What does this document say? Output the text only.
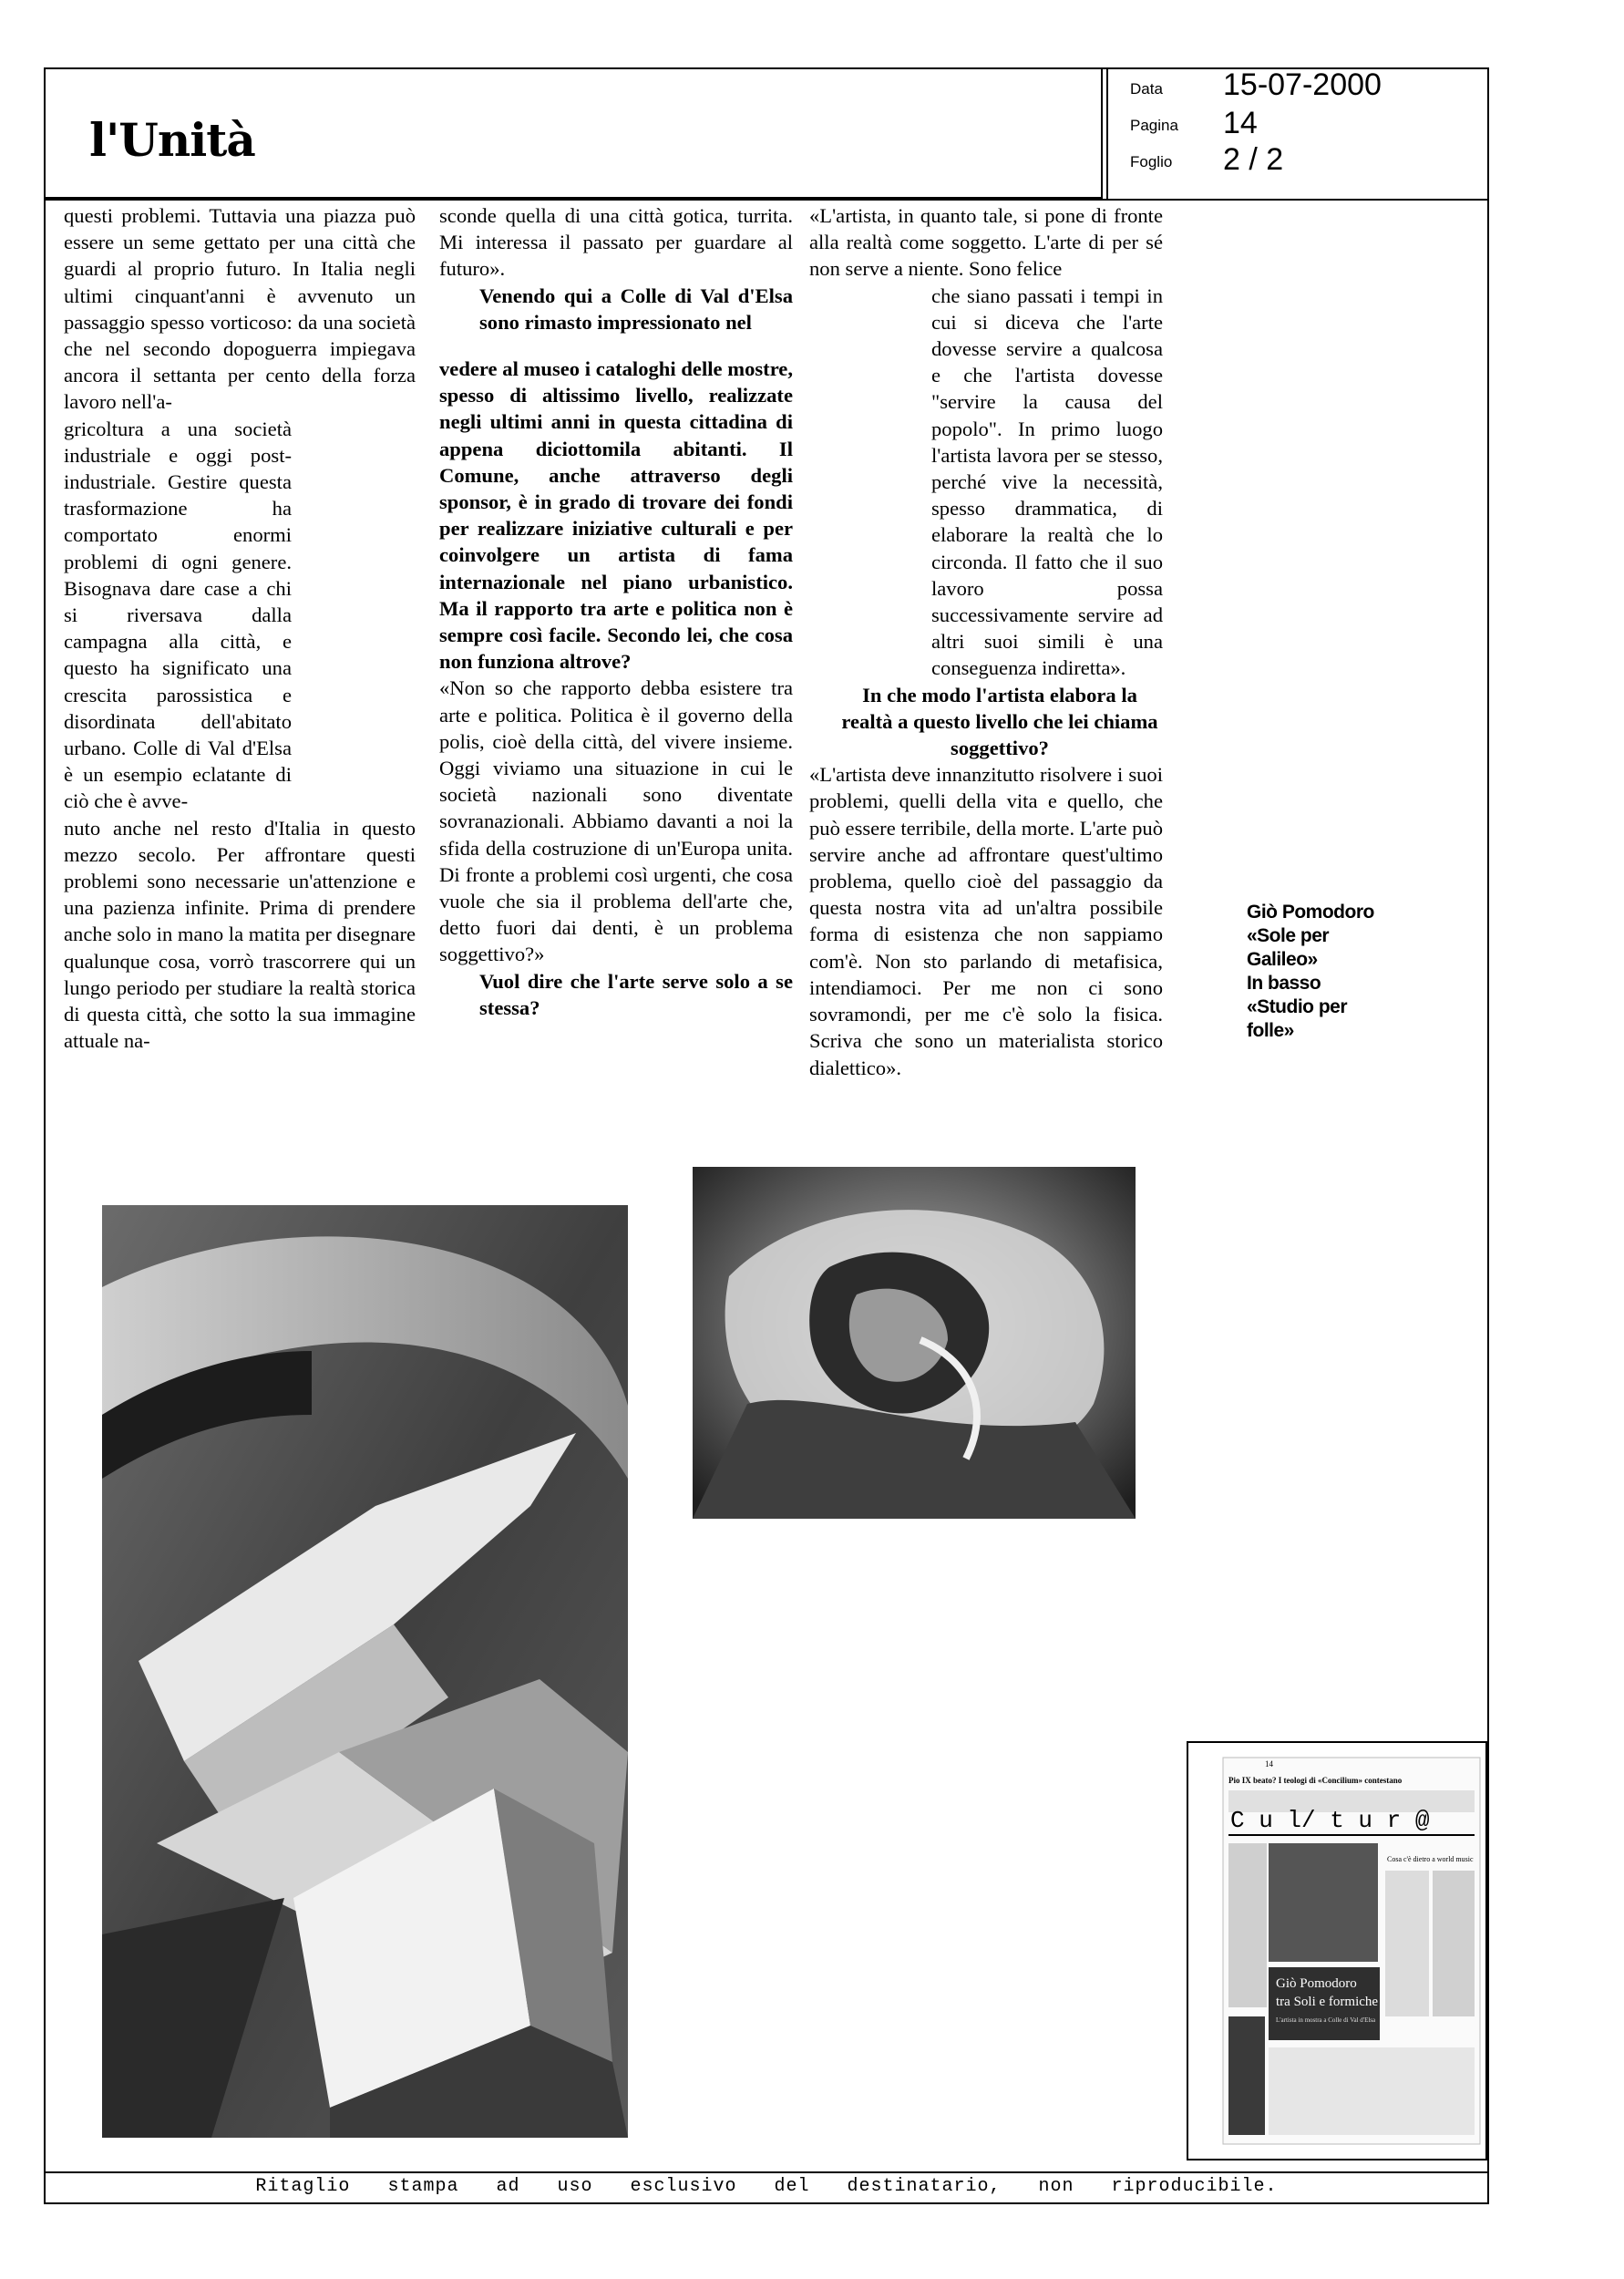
l'Unità
Data 15-07-2000
Pagina 14
Foglio 2 / 2

questi problemi. Tuttavia una piazza può essere un seme gettato per una città che guardi al proprio futuro. In Italia negli ultimi cinquant'anni è avvenuto un passaggio spesso vorticoso: da una società che nel secondo dopoguerra impiegava ancora il settanta per cento della forza lavoro nell'a-

gricoltura a una società industriale e oggi post-industriale. Gestire questa trasformazione ha comportato enormi problemi di ogni genere. Bisognava dare case a chi si riversava dalla campagna alla città, e questo ha significato una crescita parossistica e disordinata dell'abitato urbano. Colle di Val d'Elsa è un esempio eclatante di ciò che è avve-

nuto anche nel resto d'Italia in questo mezzo secolo. Per affrontare questi problemi sono necessarie un'attenzione e una pazienza infinite. Prima di prendere anche solo in mano la matita per disegnare qualunque cosa, vorrò trascorrere qui un lungo periodo per studiare la realtà storica di questa città, che sotto la sua immagine attuale na-

sconde quella di una città gotica, turrita. Mi interessa il passato per guardare al futuro».

Venendo qui a Colle di Val d'Elsa sono rimasto impressionato nel

vedere al museo i cataloghi delle mostre, spesso di altissimo livello, realizzate negli ultimi anni in questa cittadina di appena diciottomila abitanti. Il Comune, anche attraverso degli sponsor, è in grado di trovare dei fondi per realizzare iniziative culturali e per coinvolgere un artista di fama internazionale nel piano urbanistico. Ma il rapporto tra arte e politica non è sempre così facile. Secondo lei, che cosa non funziona altrove?

«Non so che rapporto debba esistere tra arte e politica. Politica è il governo della polis, cioè della città, del vivere insieme. Oggi viviamo una situazione in cui le società nazionali sono diventate sovranazionali. Abbiamo davanti a noi la sfida della costruzione di un'Europa unita. Di fronte a problemi così urgenti, che cosa vuole che sia il problema dell'arte che, detto fuori dai denti, è un problema soggettivo?»

Vuol dire che l'arte serve solo a se stessa?

«L'artista, in quanto tale, si pone di fronte alla realtà come soggetto. L'arte di per sé non serve a niente. Sono felice

che siano passati i tempi in cui si diceva che l'arte dovesse servire a qualcosa e che l'artista dovesse "servire la causa del popolo". In primo luogo l'artista lavora per se stesso, perché vive la necessità, spesso drammatica, di elaborare la realtà che lo circonda. Il fatto che il suo lavoro possa successivamente servire ad altri suoi simili è una conseguenza indiretta».

In che modo l'artista elabora la realtà a questo livello che lei chiama soggettivo?

«L'artista deve innanzitutto risolvere i suoi problemi, quelli della vita e quello, che può essere terribile, della morte. L'arte può servire anche ad affrontare quest'ultimo problema, quello cioè del passaggio da questa nostra vita ad un'altra possibile forma di esistenza che non sappiamo com'è. Non sto parlando di metafisica, intendiamoci. Per me non ci sono sovramondi, per me c'è solo la fisica. Scriva che sono un materialista storico dialettico».

Giò Pomodoro
«Sole per
Galileo»
In basso
«Studio per
folle»
14
Pio IX beato? I teologi di «Concilium» contestano
C u l/ t u r @
Cosa c'è dietro a world music
Giò Pomodoro
tra Soli e formiche
L'artista in mostra a Colle di Val d'Elsa
Ritaglio stampa ad uso esclusivo del destinatario, non riproducibile.
